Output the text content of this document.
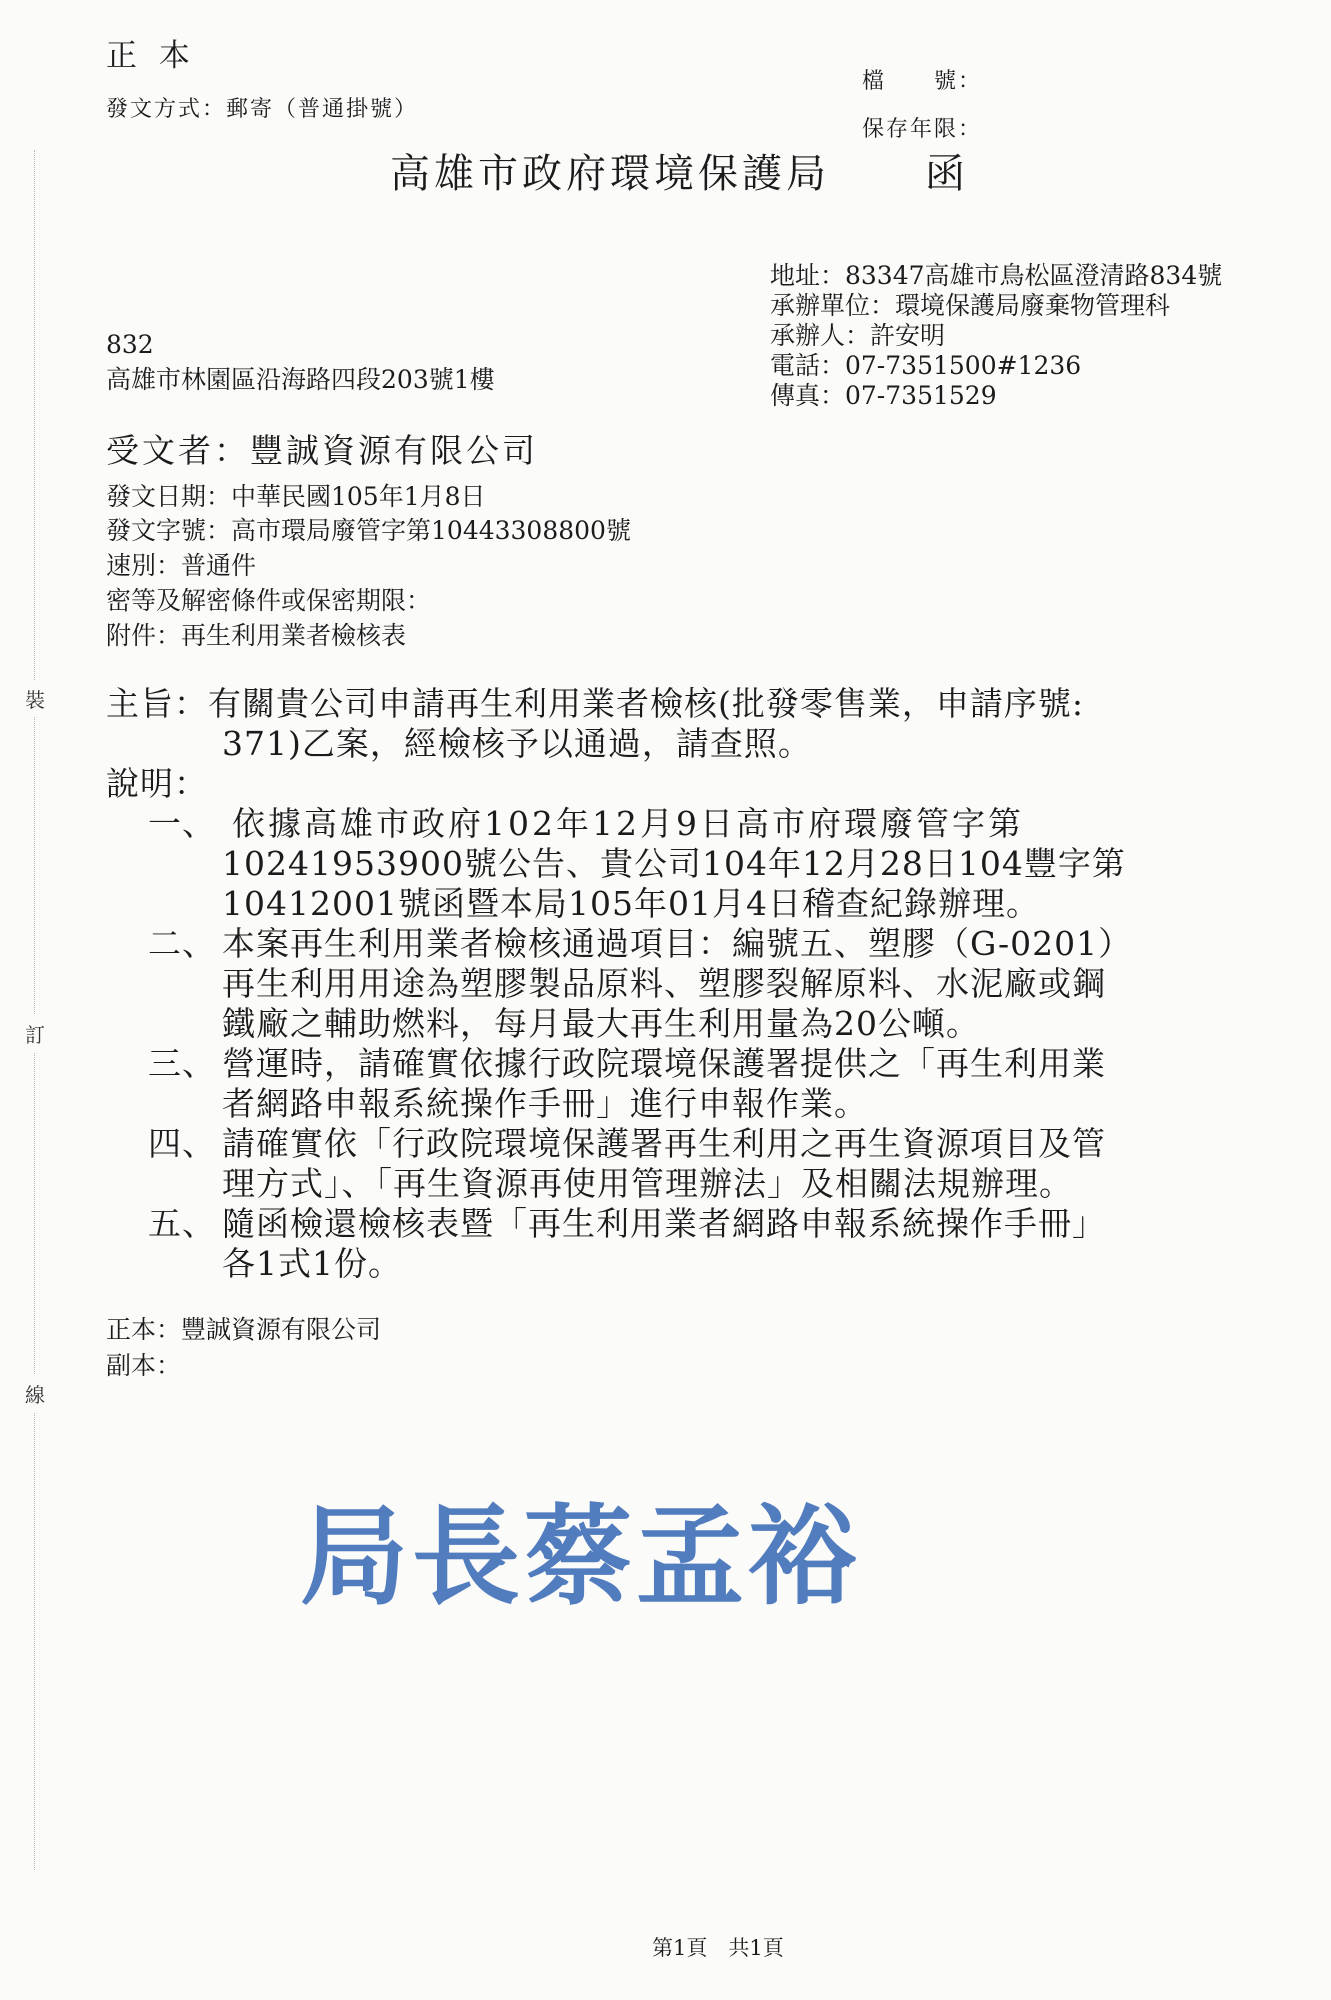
裝
訂
線
正 本
發文方式：郵寄（普通掛號）
檔　　號：
保存年限：
高雄市政府環境保護局 函
地址：83347高雄市鳥松區澄清路834號
承辦單位：環境保護局廢棄物管理科
承辦人：許安明
電話：07-7351500#1236
傳真：07-7351529
832
高雄市林園區沿海路四段203號1樓
受文者：豐誠資源有限公司
發文日期：中華民國105年1月8日
發文字號：高市環局廢管字第10443308800號
速別：普通件
密等及解密條件或保密期限：
附件：再生利用業者檢核表
主旨：有關貴公司申請再生利用業者檢核(批發零售業，申請序號:
371)乙案，經檢核予以通過，請查照。
說明：
一、 依據高雄市政府102年12月9日高市府環廢管字第
10241953900號公告、貴公司104年12月28日104豐字第
10412001號函暨本局105年01月4日稽查紀錄辦理。
二、 本案再生利用業者檢核通過項目：編號五、塑膠（G-0201）
再生利用用途為塑膠製品原料、塑膠裂解原料、水泥廠或鋼
鐵廠之輔助燃料，每月最大再生利用量為20公噸。
三、 營運時，請確實依據行政院環境保護署提供之「再生利用業
者網路申報系統操作手冊」進行申報作業。
四、 請確實依「行政院環境保護署再生利用之再生資源項目及管
理方式」、「再生資源再使用管理辦法」及相關法規辦理。
五、 隨函檢還檢核表暨「再生利用業者網路申報系統操作手冊」
各1式1份。
正本：豐誠資源有限公司
副本：
局長蔡孟裕
第1頁　共1頁
